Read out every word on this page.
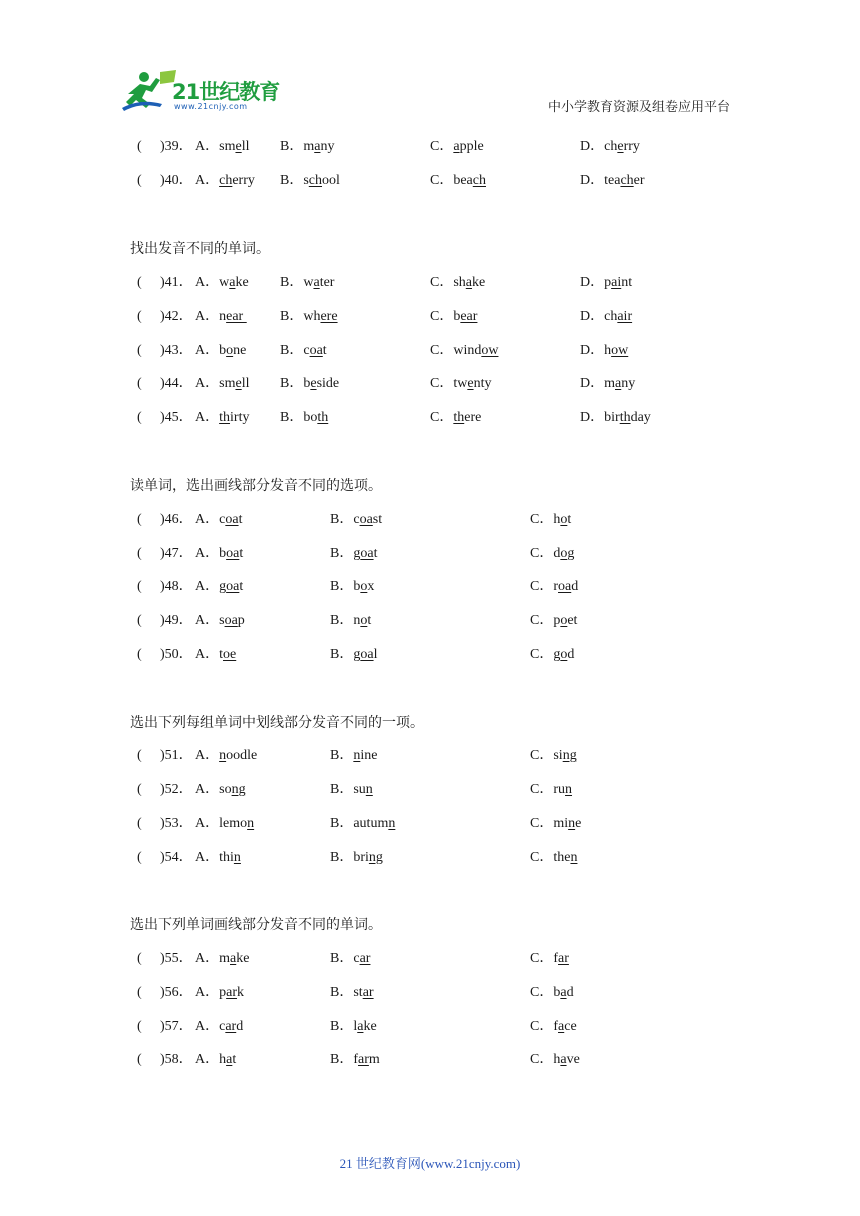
21世纪教育
www.21cnjy.com	中小学教育资源及组卷应用平台
( )39． A．smell B．many	C．apple	D．cherry
( )40． A．cherry B．school	C．beach	D．teacher
找出发音不同的单词。
( )41． A．wake B．water	C．shake	D．paint
( )42． A．near B．where	C．bear	D．chair
( )43． A．bone B．coat	C．window	D．how
( )44． A．smell B．beside	C．twenty	D．many
( )45． A．thirty B．both	C．there	D．birthday
读单词，选出画线部分发音不同的选项。
( )46． A．coat	B．coast	C．hot
( )47． A．boat	B．goat	C．dog
( )48． A．goat	B．box	C．road
( )49． A．soap	B．not	C．poet
( )50． A．toe	B．goal	C．god
选出下列每组单词中划线部分发音不同的一项。
( )51． A．noodle	B．nine	C．sing
( )52． A．song	B．sun	C．run
( )53． A．lemon	B．autumn	C．mine
( )54． A．thin	B．bring	C．then
选出下列单词画线部分发音不同的单词。
( )55． A．make	B．car	C．far
( )56． A．park	B．star	C．bad
( )57． A．card	B．lake	C．face
( )58． A．hat	B．farm	C．have
21 世纪教育网(www.21cnjy.com)
